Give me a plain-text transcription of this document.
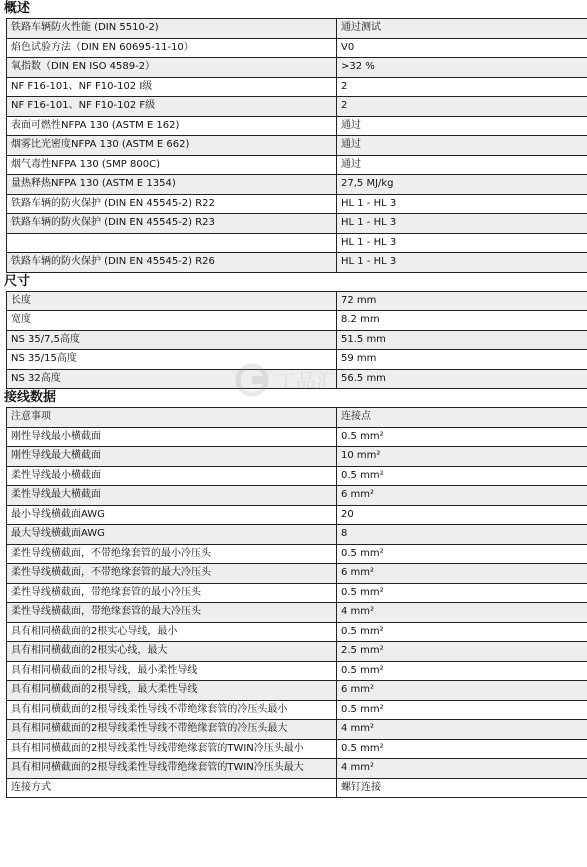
概述
铁路车辆防火性能 (DIN 5510-2)	通过测试
焰色试验方法（DIN EN 60695-11-10）	V0
氧指数（DIN EN ISO 4589-2）	>32 %
NF F16-101、NF F10-102 I级	2
NF F16-101、NF F10-102 F级	2
表面可燃性NFPA 130 (ASTM E 162)	通过
烟雾比光密度NFPA 130 (ASTM E 662)	通过
烟气毒性NFPA 130 (SMP 800C)	通过
量热释热NFPA 130 (ASTM E 1354)	27,5 MJ/kg
铁路车辆的防火保护 (DIN EN 45545-2) R22	HL 1 - HL 3
铁路车辆的防火保护 (DIN EN 45545-2) R23	HL 1 - HL 3
	HL 1 - HL 3
铁路车辆的防火保护 (DIN EN 45545-2) R26	HL 1 - HL 3
尺寸
长度	72 mm
宽度	8.2 mm
NS 35/7,5高度	51.5 mm
NS 35/15高度	59 mm
NS 32高度	56.5 mm
接线数据
注意事项	连接点
刚性导线最小横截面	0.5 mm²
刚性导线最大横截面	10 mm²
柔性导线最小横截面	0.5 mm²
柔性导线最大横截面	6 mm²
最小导线横截面AWG	20
最大导线横截面AWG	8
柔性导线横截面，不带绝缘套管的最小冷压头	0.5 mm²
柔性导线横截面，不带绝缘套管的最大冷压头	6 mm²
柔性导线横截面，带绝缘套管的最小冷压头	0.5 mm²
柔性导线横截面，带绝缘套管的最大冷压头	4 mm²
具有相同横截面的2根实心导线，最小	0.5 mm²
具有相同横截面的2根实心线，最大	2.5 mm²
具有相同横截面的2根导线，最小柔性导线	0.5 mm²
具有相同横截面的2根导线，最大柔性导线	6 mm²
具有相同横截面的2根导线柔性导线不带绝缘套管的冷压头最小	0.5 mm²
具有相同横截面的2根导线柔性导线不带绝缘套管的冷压头最大	4 mm²
具有相同横截面的2根导线柔性导线带绝缘套管的TWIN冷压头最小	0.5 mm²
具有相同横截面的2根导线柔性导线带绝缘套管的TWIN冷压头最大	4 mm²
连接方式	螺钉连接
